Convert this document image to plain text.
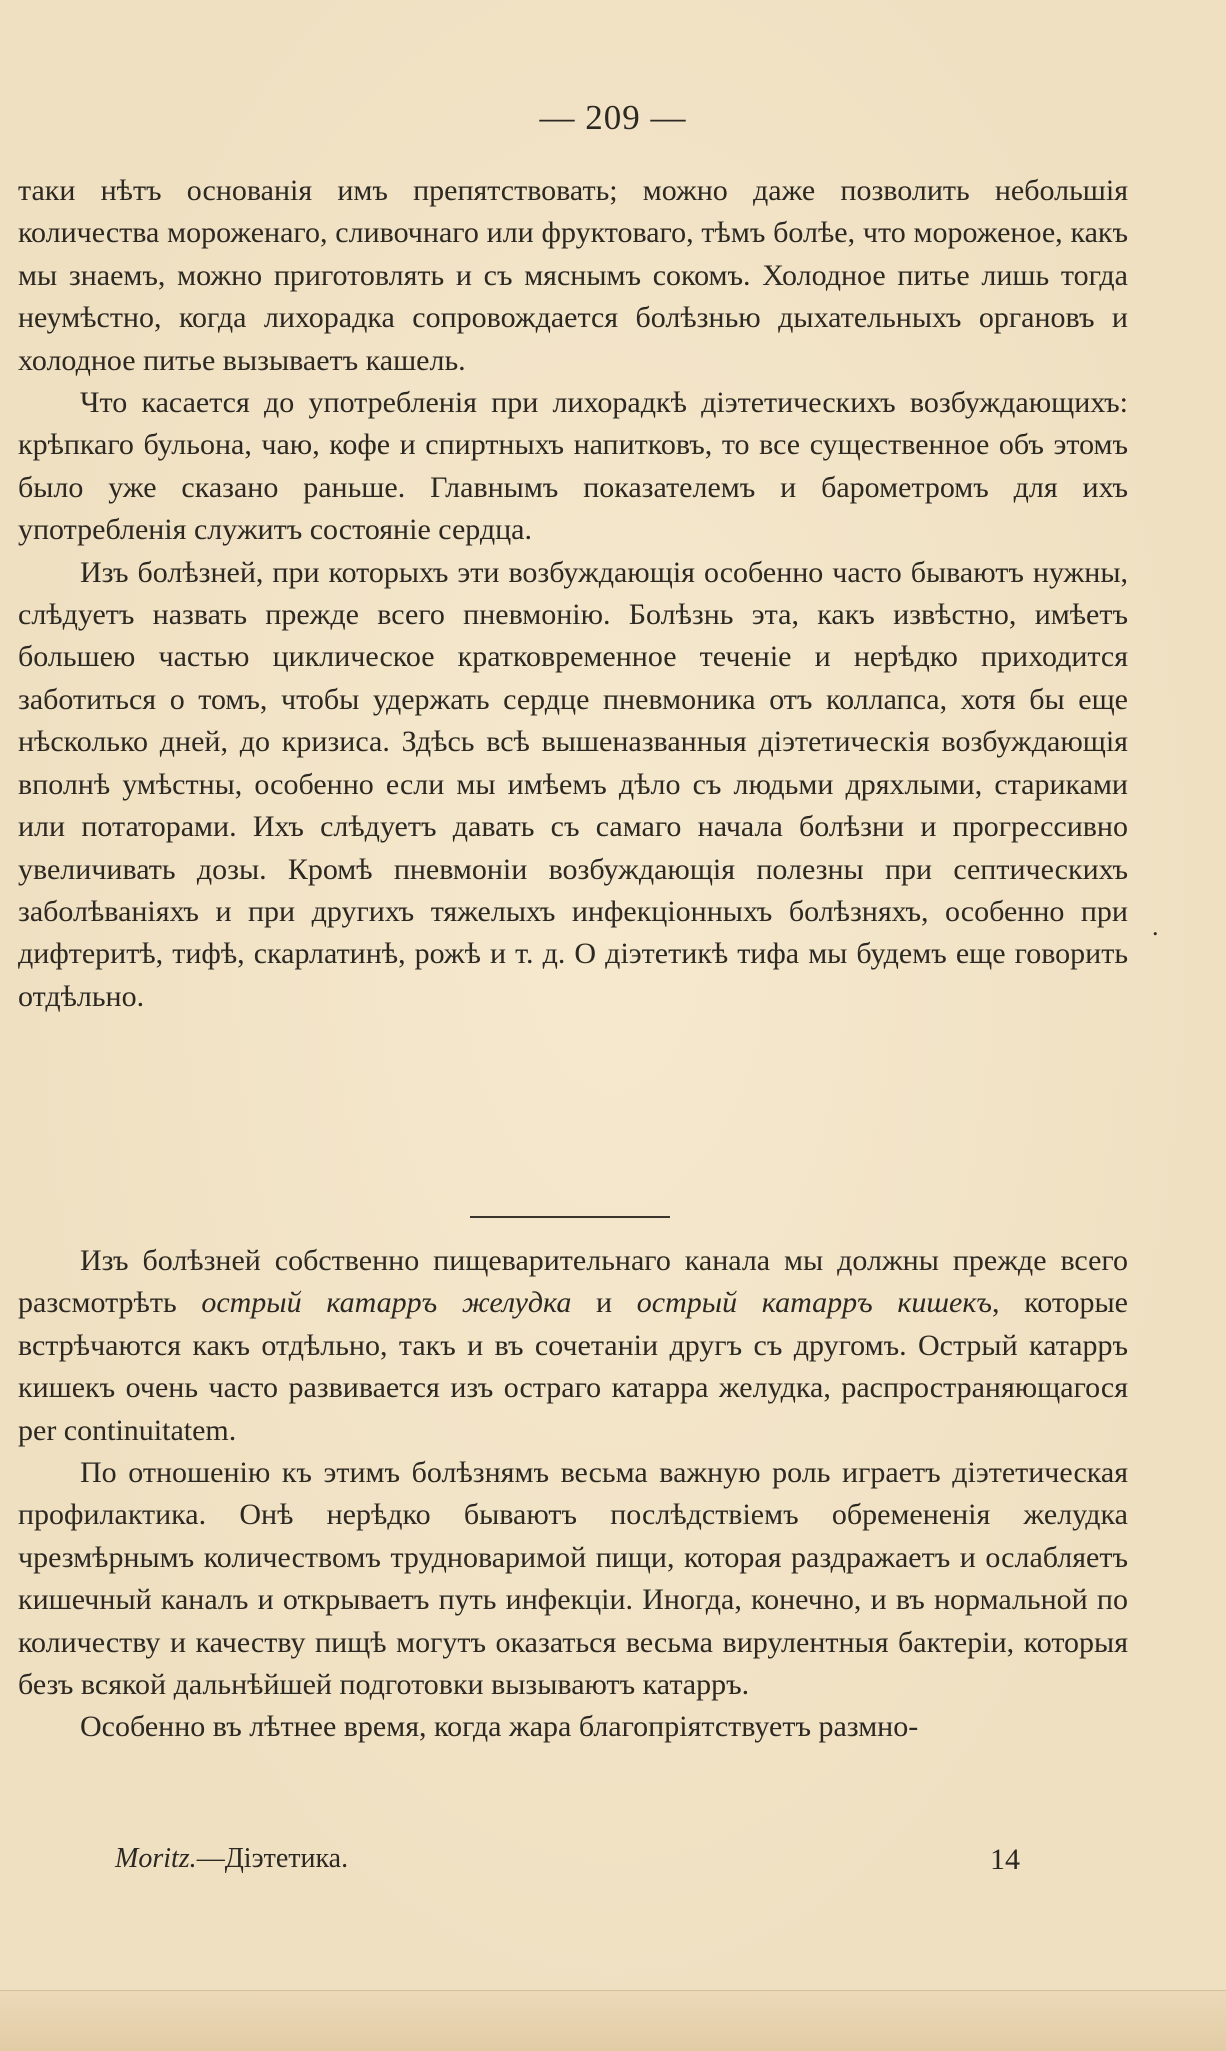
— 209 —

таки нѣтъ основанія имъ препятствовать; можно даже позволить небольшія количества мороженаго, сливочнаго или фруктоваго, тѣмъ болѣе, что мороженое, какъ мы знаемъ, можно приготовлять и съ мяснымъ сокомъ. Холодное питье лишь тогда неумѣстно, когда лихорадка сопровождается болѣзнью дыхательныхъ органовъ и холодное питье вызываетъ кашель.

Что касается до употребленія при лихорадкѣ діэтетическихъ возбуждающихъ: крѣпкаго бульона, чаю, кофе и спиртныхъ напитковъ, то все существенное объ этомъ было уже сказано раньше. Главнымъ показателемъ и барометромъ для ихъ употребленія служитъ состояніе сердца.

Изъ болѣзней, при которыхъ эти возбуждающія особенно часто бываютъ нужны, слѣдуетъ назвать прежде всего пневмонію. Болѣзнь эта, какъ извѣстно, имѣетъ большею частью циклическое кратковременное теченіе и нерѣдко приходится заботиться о томъ, чтобы удержать сердце пневмоника отъ коллапса, хотя бы еще нѣсколько дней, до кризиса. Здѣсь всѣ вышеназванныя діэтетическія возбуждающія вполнѣ умѣстны, особенно если мы имѣемъ дѣло съ людьми дряхлыми, стариками или потаторами. Ихъ слѣдуетъ давать съ самаго начала болѣзни и прогрессивно увеличивать дозы. Кромѣ пневмоніи возбуждающія полезны при септическихъ заболѣваніяхъ и при другихъ тяжелыхъ инфекціонныхъ болѣзняхъ, особенно при дифтеритѣ, тифѣ, скарлатинѣ, рожѣ и т. д. О діэтетикѣ тифа мы будемъ еще говорить отдѣльно.

.

Изъ болѣзней собственно пищеварительнаго канала мы должны прежде всего разсмотрѣть острый катарръ желудка и острый катарръ кишекъ, которые встрѣчаются какъ отдѣльно, такъ и въ сочетаніи другъ съ другомъ. Острый катарръ кишекъ очень часто развивается изъ остраго катарра желудка, распространяющагося per continuitatem.

По отношенію къ этимъ болѣзнямъ весьма важную роль играетъ діэтетическая профилактика. Онѣ нерѣдко бываютъ послѣдствіемъ обремененія желудка чрезмѣрнымъ количествомъ трудноваримой пищи, которая раздражаетъ и ослабляетъ кишечный каналъ и открываетъ путь инфекціи. Иногда, конечно, и въ нормальной по количеству и качеству пищѣ могутъ оказаться весьма вирулентныя бактеріи, которыя безъ всякой дальнѣйшей подготовки вызываютъ катарръ.

Особенно въ лѣтнее время, когда жара благопріятствуетъ размно-

Moritz.—Діэтетика.	14
